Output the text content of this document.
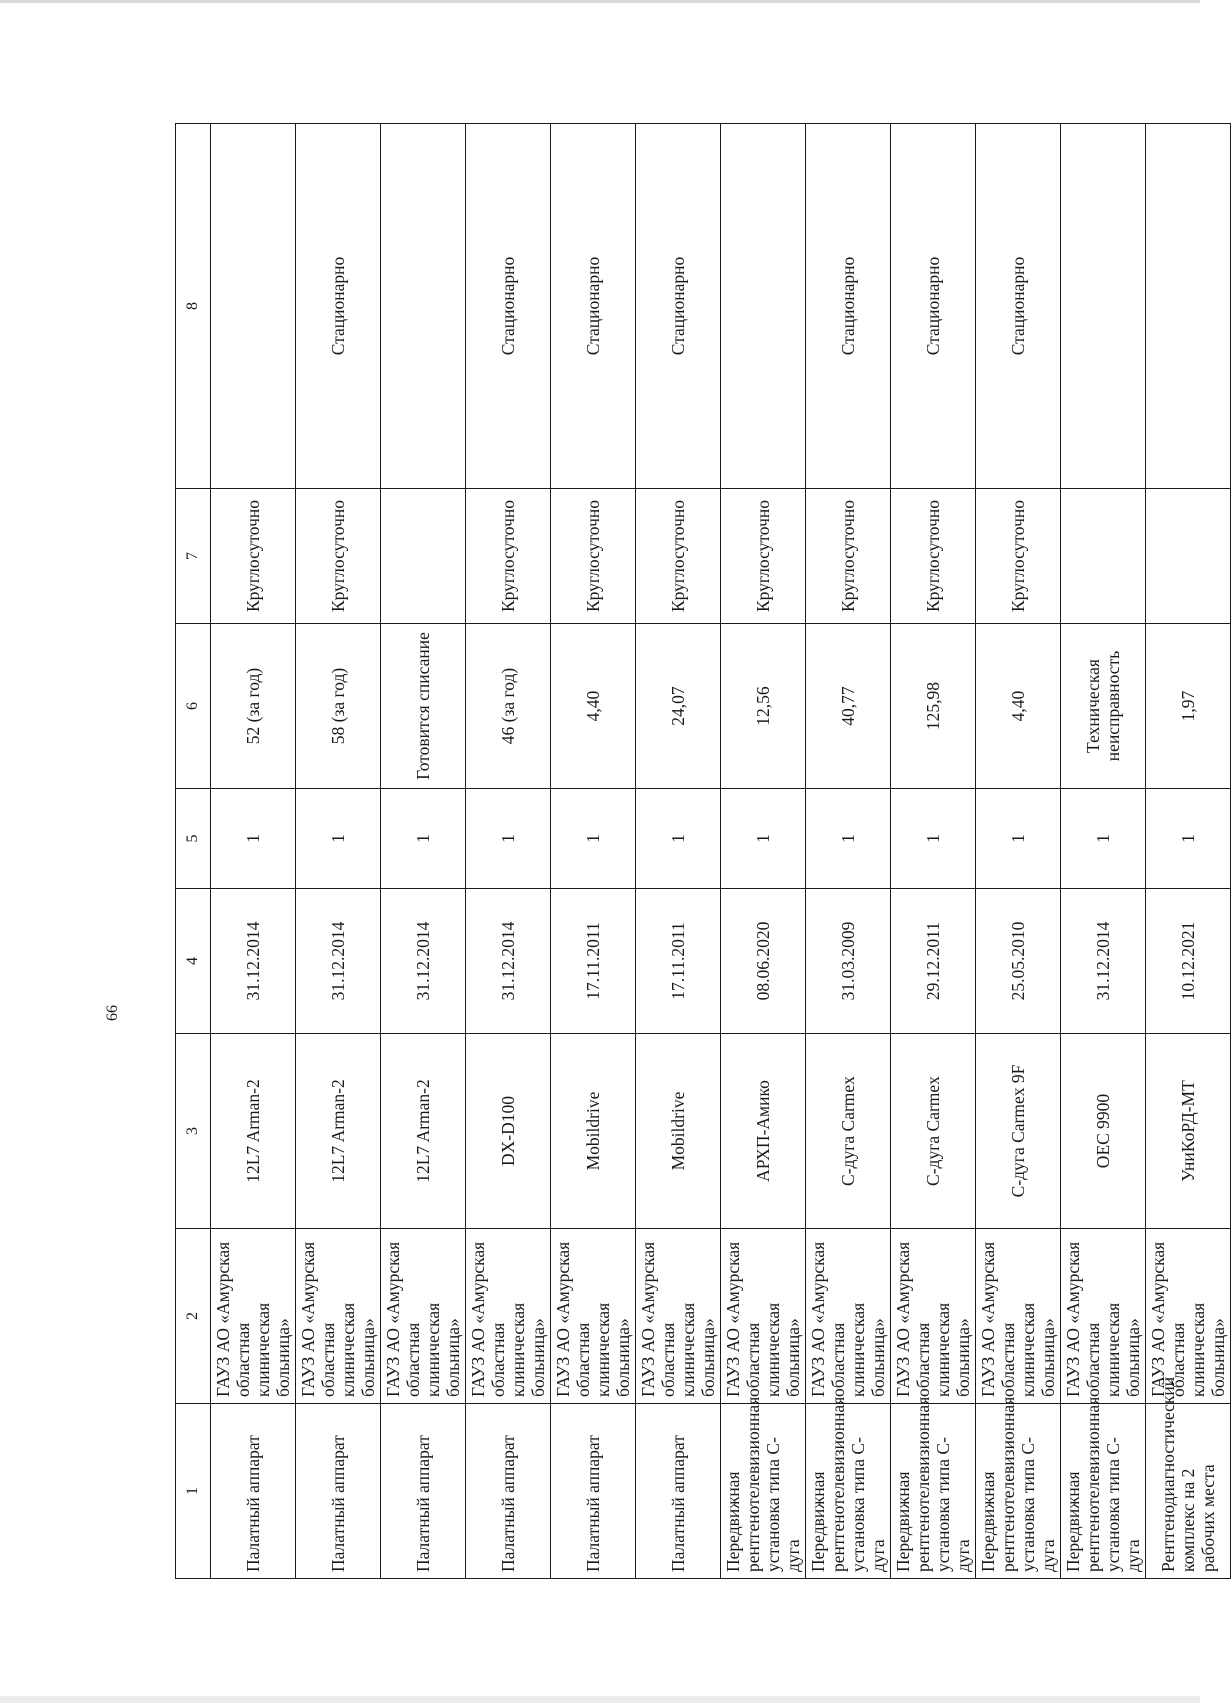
66
1	2	3	4	5	6	7	8
Палатный аппарат	ГАУЗ АО «Амурская областная клиническая больница»	12L7 Arman-2	31.12.2014	1	52 (за год)	Круглосуточно	
Палатный аппарат	ГАУЗ АО «Амурская областная клиническая больница»	12L7 Arman-2	31.12.2014	1	58 (за год)	Круглосуточно	Стационарно
Палатный аппарат	ГАУЗ АО «Амурская областная клиническая больница»	12L7 Arman-2	31.12.2014	1	Готовится списание		
Палатный аппарат	ГАУЗ АО «Амурская областная клиническая больница»	DX-D100	31.12.2014	1	46 (за год)	Круглосуточно	Стационарно
Палатный аппарат	ГАУЗ АО «Амурская областная клиническая больница»	Mobildrive	17.11.2011	1	4,40	Круглосуточно	Стационарно
Палатный аппарат	ГАУЗ АО «Амурская областная клиническая больница»	Mobildrive	17.11.2011	1	24,07	Круглосуточно	Стационарно
Передвижная рентгенотелевизионная установка типа С-дуга	ГАУЗ АО «Амурская областная клиническая больница»	АРХП-Амико	08.06.2020	1	12,56	Круглосуточно	
Передвижная рентгенотелевизионная установка типа С-дуга	ГАУЗ АО «Амурская областная клиническая больница»	С-дуга Carmex	31.03.2009	1	40,77	Круглосуточно	Стационарно
Передвижная рентгенотелевизионная установка типа С-дуга	ГАУЗ АО «Амурская областная клиническая больница»	С-дуга Carmex	29.12.2011	1	125,98	Круглосуточно	Стационарно
Передвижная рентгенотелевизионная установка типа С-дуга	ГАУЗ АО «Амурская областная клиническая больница»	С-дуга Carmex 9F	25.05.2010	1	4,40	Круглосуточно	Стационарно
Передвижная рентгенотелевизионная установка типа С-дуга	ГАУЗ АО «Амурская областная клиническая больница»	OEC 9900	31.12.2014	1	Техническая неисправность		
Рентгенодиагностический комплекс на 2 рабочих места	ГАУЗ АО «Амурская областная клиническая больница»	УниКоРД-МТ	10.12.2021	1	1,97		
